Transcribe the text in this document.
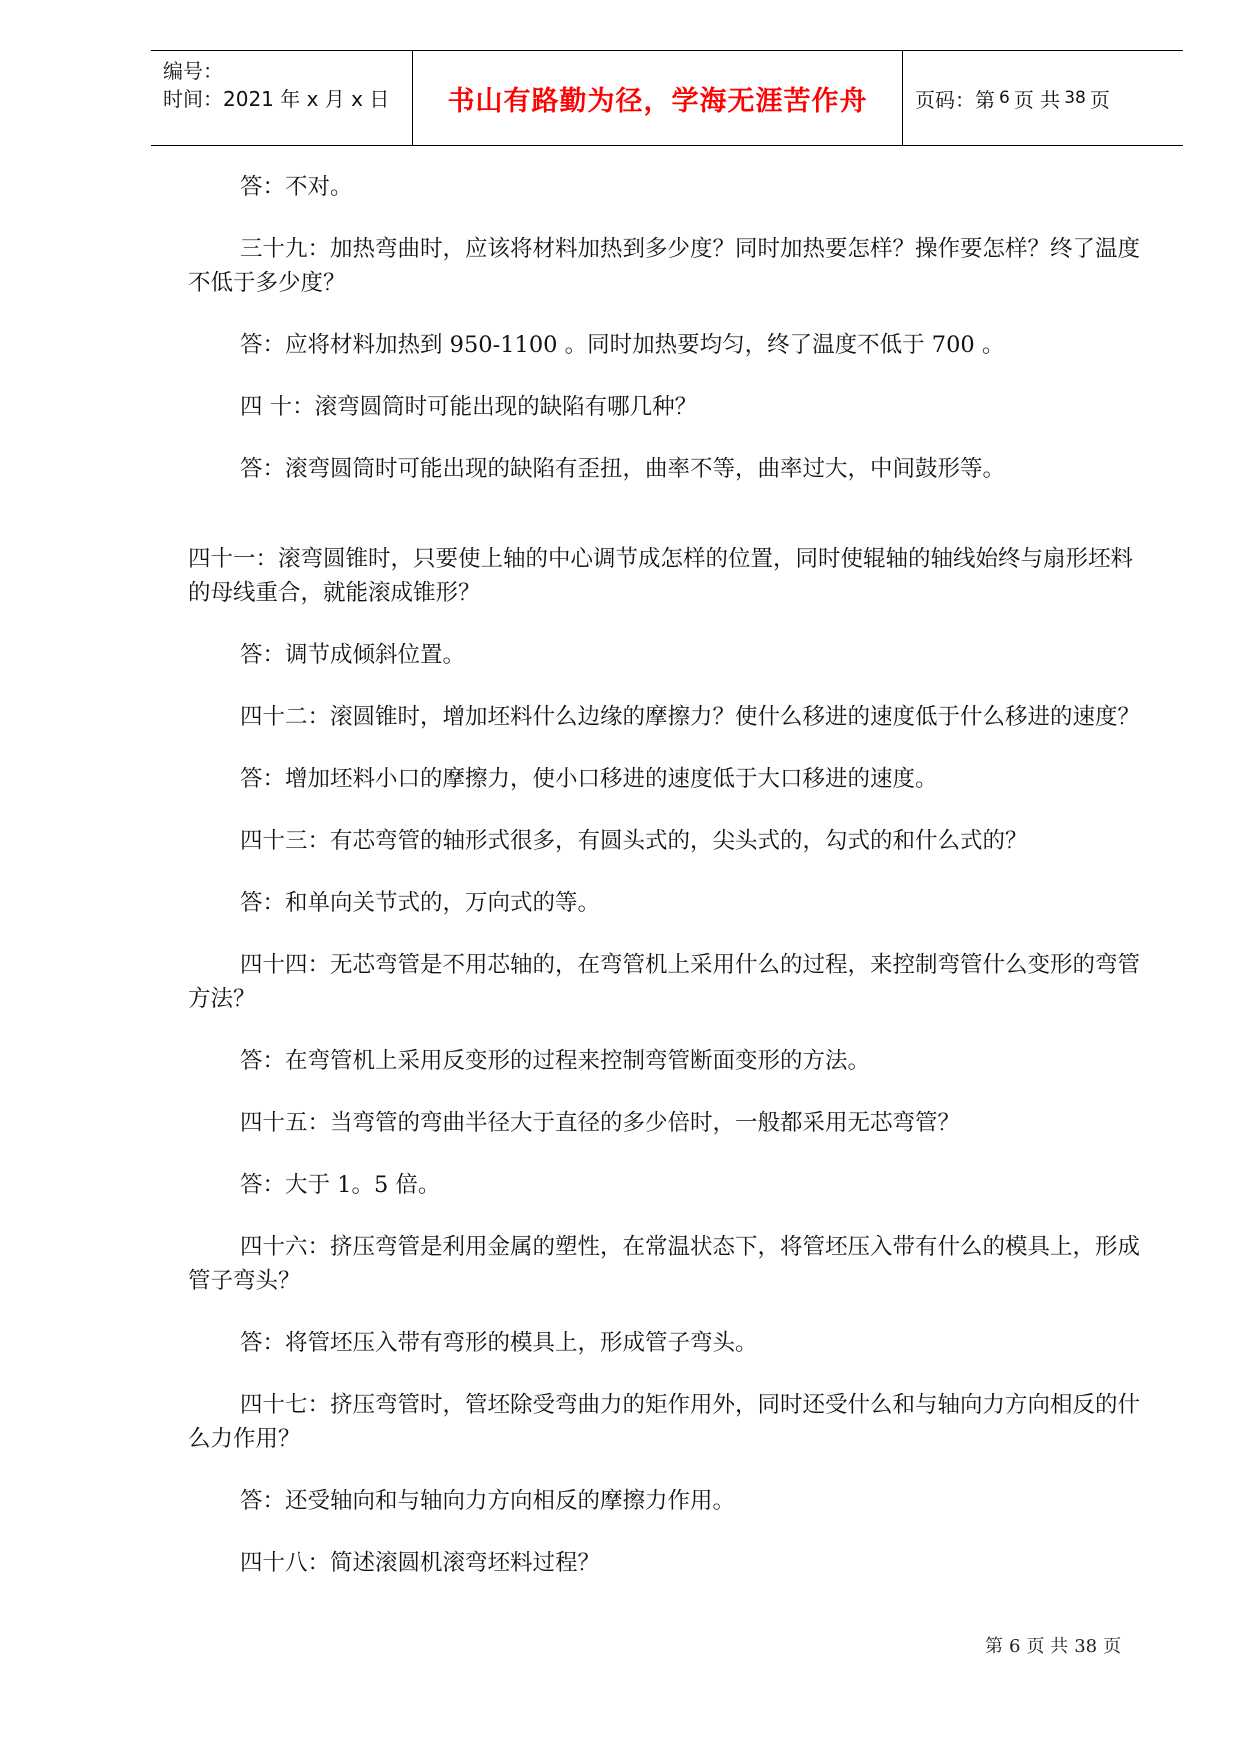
编号：
时间：2021 年 x 月 x 日	书山有路勤为径，学海无涯苦作舟 页码：第 6 页 共 38 页

答：不对。

三十九：加热弯曲时，应该将材料加热到多少度？同时加热要怎样？操作要怎样？终了温度不低于多少度？

答：应将材料加热到 950-1100 。同时加热要均匀，终了温度不低于 700 。

四 十：滚弯圆筒时可能出现的缺陷有哪几种？

答：滚弯圆筒时可能出现的缺陷有歪扭，曲率不等，曲率过大，中间鼓形等。

四十一：滚弯圆锥时，只要使上轴的中心调节成怎样的位置，同时使辊轴的轴线始终与扇形坯料的母线重合，就能滚成锥形？

答：调节成倾斜位置。

四十二：滚圆锥时，增加坯料什么边缘的摩擦力？使什么移进的速度低于什么移进的速度？

答：增加坯料小口的摩擦力，使小口移进的速度低于大口移进的速度。

四十三：有芯弯管的轴形式很多，有圆头式的，尖头式的，勾式的和什么式的？

答：和单向关节式的，万向式的等。

四十四：无芯弯管是不用芯轴的，在弯管机上采用什么的过程，来控制弯管什么变形的弯管方法？

答：在弯管机上采用反变形的过程来控制弯管断面变形的方法。

四十五：当弯管的弯曲半径大于直径的多少倍时，一般都采用无芯弯管？

答：大于 1。5 倍。

四十六：挤压弯管是利用金属的塑性，在常温状态下，将管坯压入带有什么的模具上，形成管子弯头？

答：将管坯压入带有弯形的模具上，形成管子弯头。

四十七：挤压弯管时，管坯除受弯曲力的矩作用外，同时还受什么和与轴向力方向相反的什么力作用？

答：还受轴向和与轴向力方向相反的摩擦力作用。

四十八：简述滚圆机滚弯坯料过程？

第 6 页 共 38 页
